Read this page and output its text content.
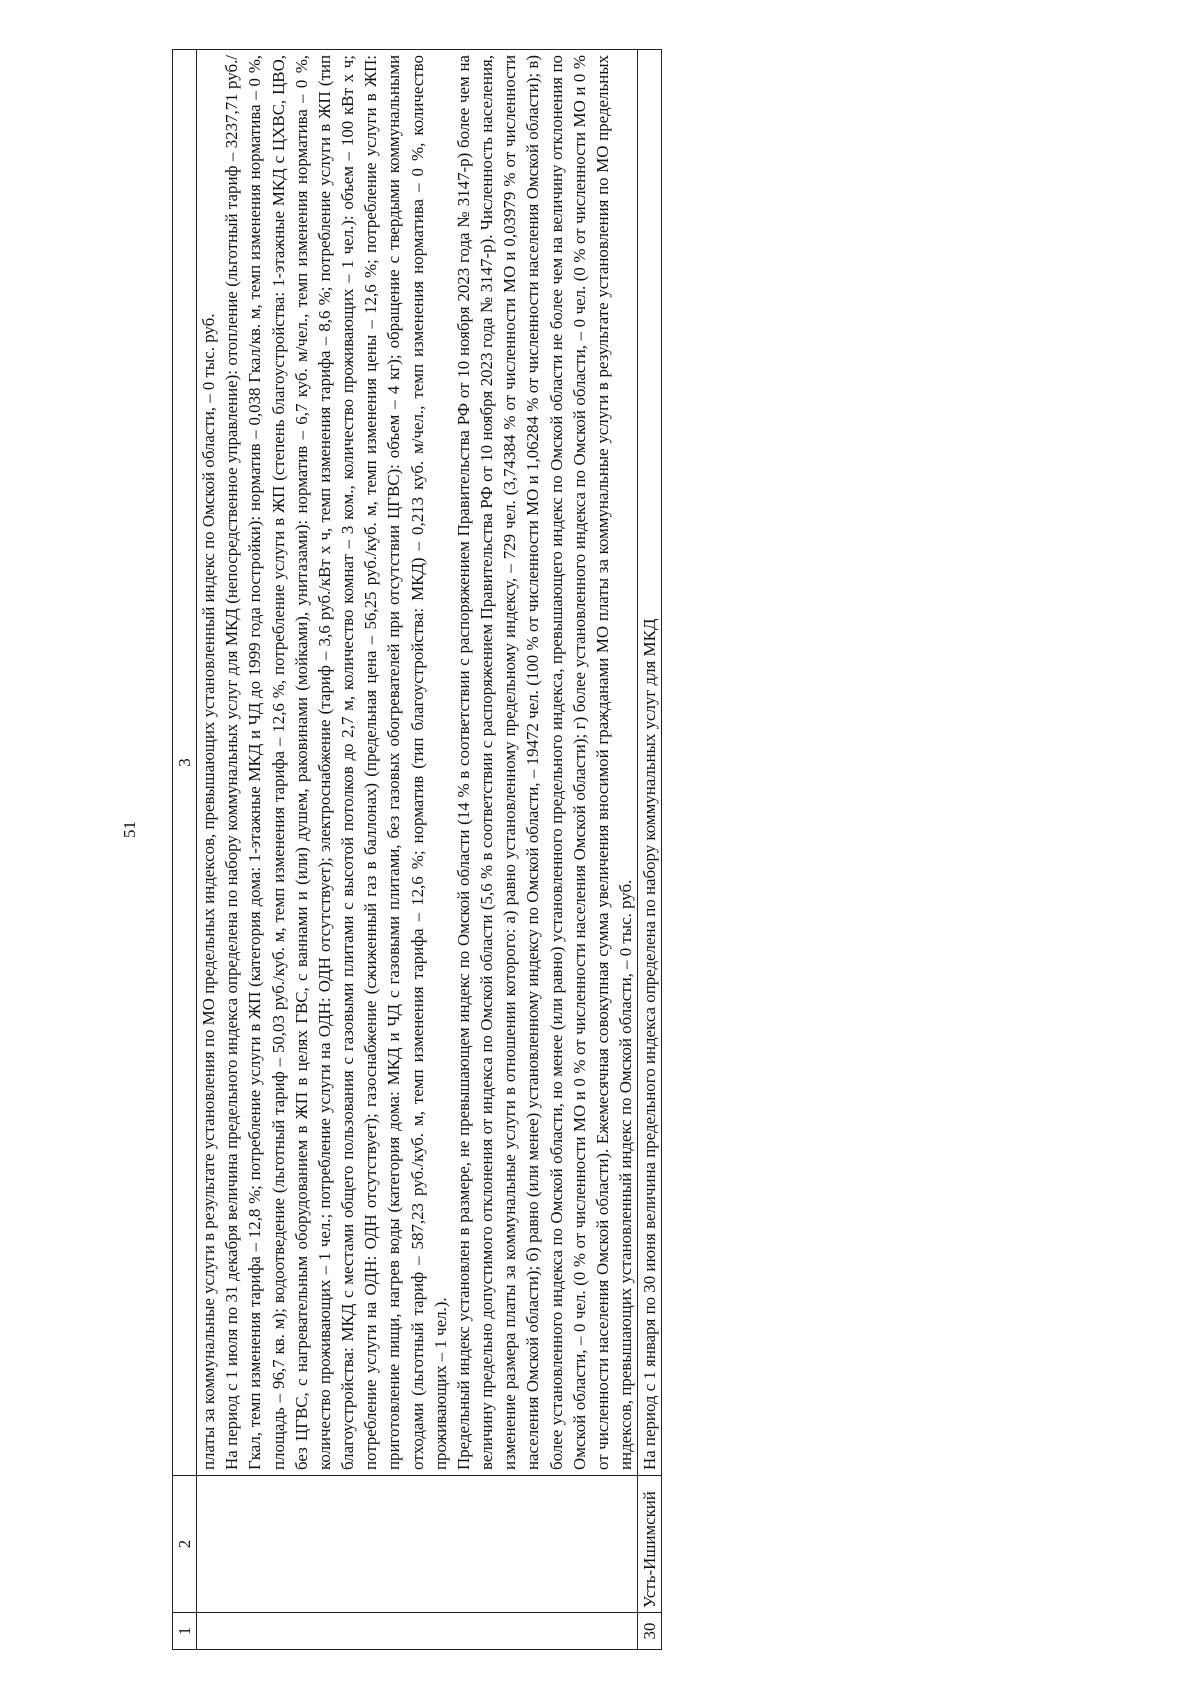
51
1	2	3

		платы за коммунальные услуги в результате установления по МО предельных индексов, превышающих установленный индекс по Омской области, – 0 тыс. руб. На период с 1 июля по 31 декабря величина предельного индекса определена по набору коммунальных услуг для МКД (непосредственное управление): отопление (льготный тариф – 3237,71 руб./Гкал, темп изменения тарифа – 12,8 %; потребление услуги в ЖП (категория дома: 1-этажные МКД и ЧД до 1999 года постройки): норматив – 0,038 Гкал/кв. м, темп изменения норматива – 0 %, площадь – 96,7 кв. м); водоотведение (льготный тариф – 50,03 руб./куб. м, темп изменения тарифа – 12,6 %, потребление услуги в ЖП (степень благоустройства: 1-этажные МКД с ЦХВС, ЦВО, без ЦГВС, с нагревательным оборудованием в ЖП в целях ГВС, с ваннами и (или) душем, раковинами (мойками), унитазами): норматив – 6,7 куб. м/чел., темп изменения норматива – 0 %, количество проживающих – 1 чел.; потребление услуги на ОДН: ОДН отсутствует); электроснабжение (тариф – 3,6 руб./кВт х ч, темп изменения тарифа – 8,6 %; потребление услуги в ЖП (тип благоустройства: МКД с местами общего пользования с газовыми плитами с высотой потолков до 2,7 м, количество комнат – 3 ком., количество проживающих – 1 чел.): объем – 100 кВт х ч; потребление услуги на ОДН: ОДН отсутствует); газоснабжение (сжиженный газ в баллонах) (предельная цена – 56,25 руб./куб. м, темп изменения цены – 12,6 %; потребление услуги в ЖП: приготовление пищи, нагрев воды (категория дома: МКД и ЧД с газовыми плитами, без газовых обогревателей при отсутствии ЦГВС): объем – 4 кг); обращение с твердыми коммунальными отходами (льготный тариф – 587,23 руб./куб. м, темп изменения тарифа – 12,6 %; норматив (тип благоустройства: МКД) – 0,213 куб. м/чел., темп изменения норматива – 0 %, количество проживающих – 1 чел.). Предельный индекс установлен в размере, не превышающем индекс по Омской области (14 % в соответствии с распоряжением Правительства РФ от 10 ноября 2023 года № 3147-р) более чем на величину предельно допустимого отклонения от индекса по Омской области (5,6 % в соответствии с распоряжением Правительства РФ от 10 ноября 2023 года № 3147-р). Численность населения, изменение размера платы за коммунальные услуги в отношении которого: а) равно установленному предельному индексу, – 729 чел. (3,74384 % от численности МО и 0,03979 % от численности населения Омской области); б) равно (или менее) установленному индексу по Омской области, – 19472 чел. (100 % от численности МО и 1,06284 % от численности населения Омской области); в) более установленного индекса по Омской области, но менее (или равно) установленного предельного индекса, превышающего индекс по Омской области не более чем на величину отклонения по Омской области, – 0 чел. (0 % от численности МО и 0 % от численности населения Омской области); г) более установленного индекса по Омской области, – 0 чел. (0 % от численности МО и 0 % от численности населения Омской области). Ежемесячная совокупная сумма увеличения вносимой гражданами МО платы за коммунальные услуги в результате установления по МО предельных индексов, превышающих установленный индекс по Омской области, – 0 тыс. руб.

30	Усть-Ишимский	На период с 1 января по 30 июня величина предельного индекса определена по набору коммунальных услуг для МКД
